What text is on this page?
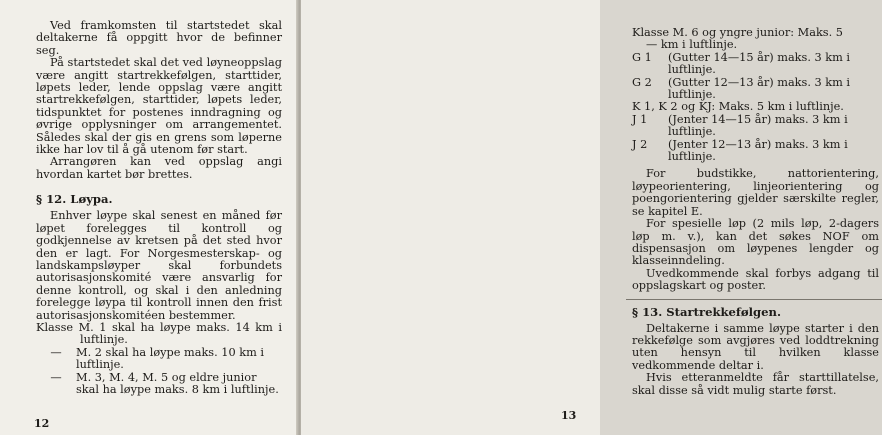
Ved framkomsten til startstedet skal deltakerne få oppgitt hvor de befinner seg.

På startstedet skal det ved løyneoppslag være angitt startrekkefølgen, starttider, løpets leder, lende oppslag være angitt startrekkefølgen, starttider, løpets leder, tidspunktet for postenes inndragning og øvrige opplysninger om arrangementet. Således skal der gis en grens som løperne ikke har lov til å gå utenom før start.

Arrangøren kan ved oppslag angi hvordan kartet bør brettes.

§ 12. Løypa.

Enhver løype skal senest en måned før løpet forelegges til kontroll og godkjennelse av kretsen på det sted hvor den er lagt. For Norgesmesterskap- og landskampsløyper skal forbundets autorisasjonskomité være ansvarlig for denne kontroll, og skal i den anledning forelegge løypa til kontroll innen den frist autorisasjonskomitéen bestemmer.

Klasse M. 1 skal ha løype maks. 14 km i luftlinje.

—	M. 2 skal ha løype maks. 10 km i luftlinje.
—	M. 3, M. 4, M. 5 og eldre junior skal ha løype maks. 8 km i luftlinje.
12

Klasse M. 6 og yngre junior: Maks. 5

— km i luftlinje.

G 1	(Gutter 14—15 år) maks. 3 km i luftlinje.
G 2	(Gutter 12—13 år) maks. 3 km i luftlinje.
K 1, K 2 og KJ: Maks. 5 km i luftlinje.
J 1	(Jenter 14—15 år) maks. 3 km i luftlinje.
J 2	(Jenter 12—13 år) maks. 3 km i luftlinje.

For budstikke, nattorientering, løypeorientering, linjeorientering og poengorientering gjelder særskilte regler, se kapitel E.

For spesielle løp (2 mils løp, 2-dagers løp m. v.), kan det søkes NOF om dispensasjon om løypenes lengder og klasseinndeling.

Uvedkommende skal forbys adgang til oppslagskart og poster.

§ 13. Startrekkefølgen.

Deltakerne i samme løype starter i den rekkefølge som avgjøres ved loddtrekning uten hensyn til hvilken klasse vedkommende deltar i.

Hvis etteranmeldte får starttillatelse, skal disse så vidt mulig starte først.

13
